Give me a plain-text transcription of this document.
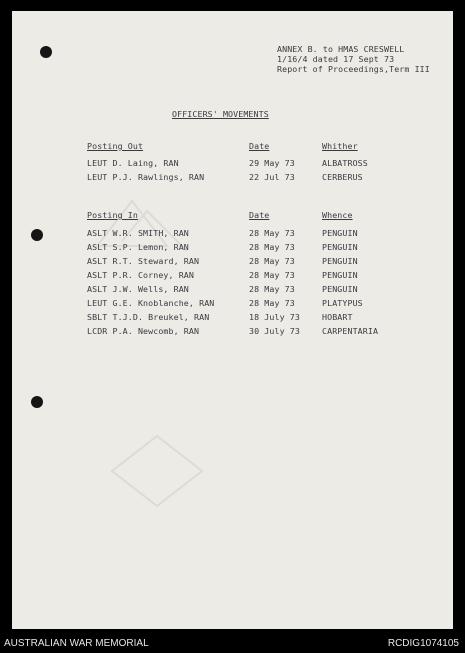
ANNEX B. to HMAS CRESWELL
1/16/4 dated 17 Sept 73
Report of Proceedings,Term III
OFFICERS' MOVEMENTS
Posting Out	Date	Whither
LEUT D. Laing, RAN	29 May 73	ALBATROSS
LEUT P.J. Rawlings, RAN	22 Jul 73	CERBERUS
Posting In	Date	Whence
ASLT W.R. SMITH, RAN	28 May 73	PENGUIN
ASLT S.P. Lemon, RAN	28 May 73	PENGUIN
ASLT R.T. Steward, RAN	28 May 73	PENGUIN
ASLT P.R. Corney, RAN	28 May 73	PENGUIN
ASLT J.W. Wells, RAN	28 May 73	PENGUIN
LEUT G.E. Knoblanche, RAN	28 May 73	PLATYPUS
SBLT T.J.D. Breukel, RAN	18 July 73	HOBART
LCDR P.A. Newcomb, RAN	30 July 73	CARPENTARIA
AUSTRALIAN WAR MEMORIAL	RCDIG1074105
